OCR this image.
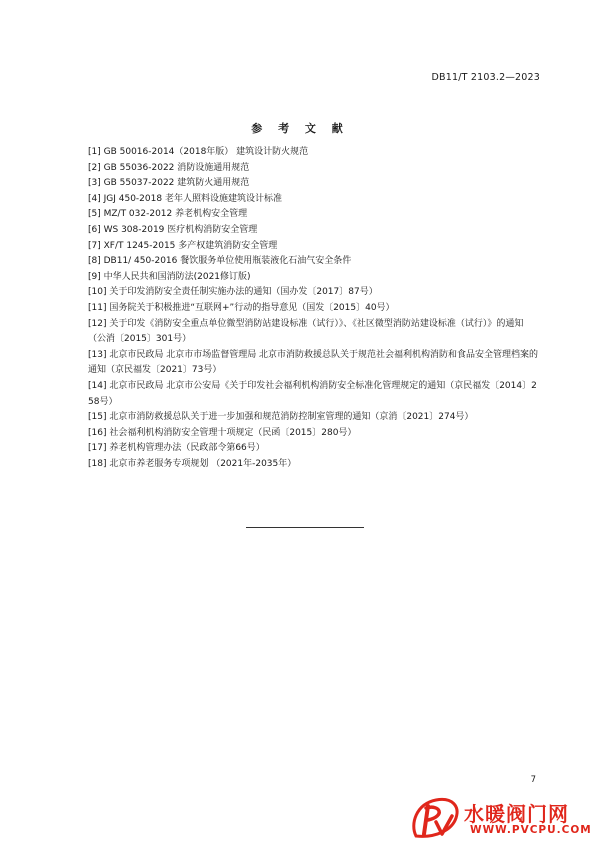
DB11/T 2103.2—2023
参 考 文 献
[1] GB 50016-2014（2018年版） 建筑设计防火规范
[2] GB 55036-2022 消防设施通用规范
[3] GB 55037-2022 建筑防火通用规范
[4] JGJ 450-2018 老年人照料设施建筑设计标准
[5] MZ/T 032-2012 养老机构安全管理
[6] WS 308-2019 医疗机构消防安全管理
[7] XF/T 1245-2015 多产权建筑消防安全管理
[8] DB11/ 450-2016 餐饮服务单位使用瓶装液化石油气安全条件
[9] 中华人民共和国消防法(2021修订版)
[10] 关于印发消防安全责任制实施办法的通知（国办发〔2017〕87号）
[11] 国务院关于积极推进“互联网+”行动的指导意见（国发〔2015〕40号）
[12] 关于印发《消防安全重点单位微型消防站建设标准（试行）》、《社区微型消防站建设标准（试行）》的通知（公消〔2015〕301号）
[13] 北京市民政局 北京市市场监督管理局 北京市消防救援总队关于规范社会福利机构消防和食品安全管理档案的通知（京民福发〔2021〕73号）
[14] 北京市民政局 北京市公安局《关于印发社会福利机构消防安全标准化管理规定的通知（京民福发〔2014〕258号）
[15] 北京市消防救援总队关于进一步加强和规范消防控制室管理的通知（京消〔2021〕274号）
[16] 社会福利机构消防安全管理十项规定（民函〔2015〕280号）
[17] 养老机构管理办法（民政部令第66号）
[18] 北京市养老服务专项规划 （2021年-2035年）
7
水暖阀门网
WWW.PVCPU.COM
